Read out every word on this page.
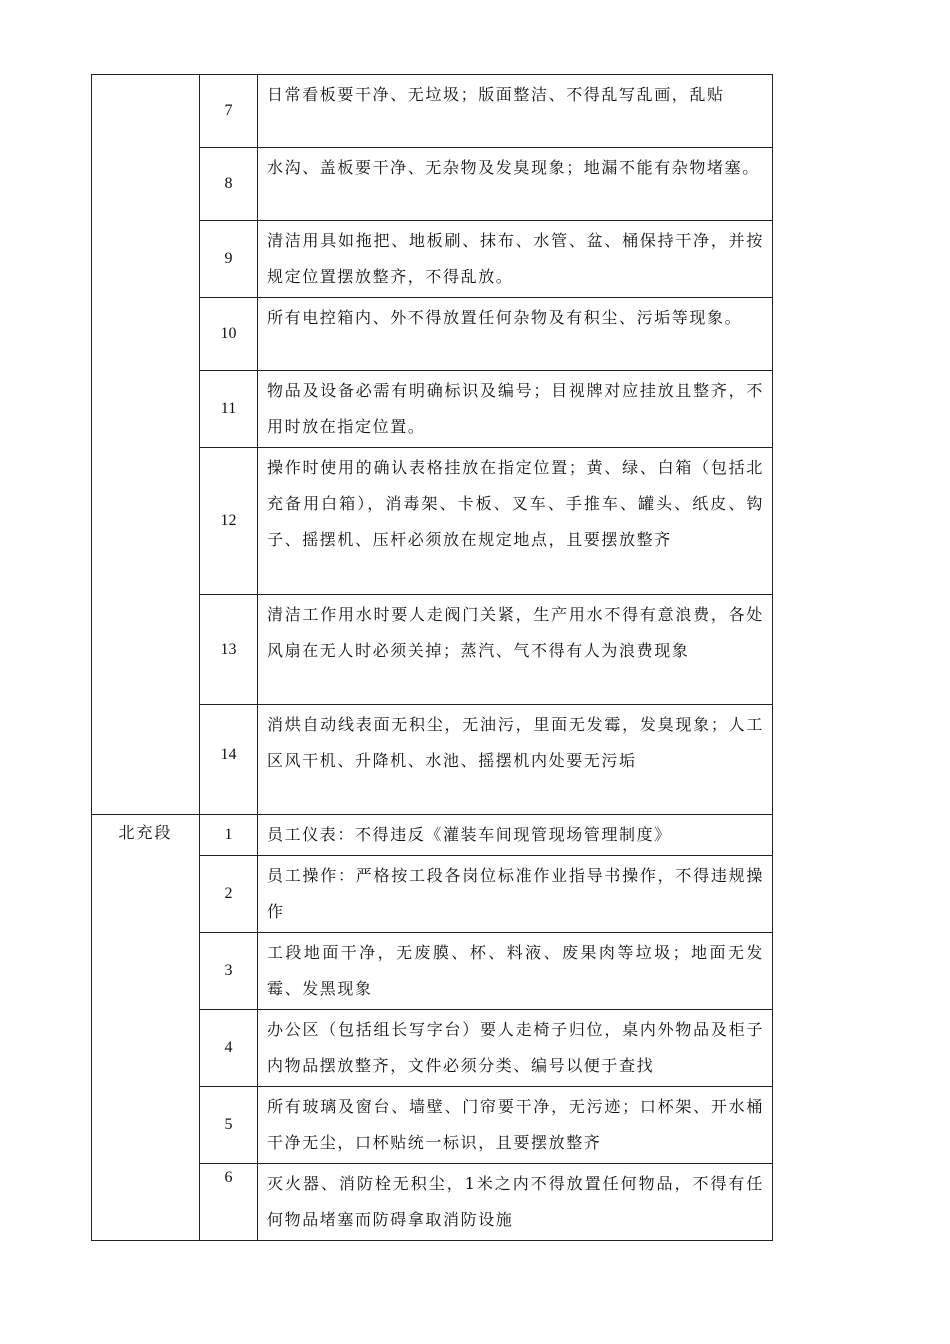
	7	日常看板要干净、无垃圾；版面整洁、不得乱写乱画，乱贴
	8	水沟、盖板要干净、无杂物及发臭现象；地漏不能有杂物堵塞。
	9	清洁用具如拖把、地板刷、抹布、水管、盆、桶保持干净，并按规定位置摆放整齐，不得乱放。
	10	所有电控箱内、外不得放置任何杂物及有积尘、污垢等现象。
	11	物品及设备必需有明确标识及编号；目视牌对应挂放且整齐，不用时放在指定位置。
	12	操作时使用的确认表格挂放在指定位置；黄、绿、白箱（包括北充备用白箱），消毒架、卡板、叉车、手推车、罐头、纸皮、钩子、摇摆机、压杆必须放在规定地点，且要摆放整齐
	13	清洁工作用水时要人走阀门关紧，生产用水不得有意浪费，各处风扇在无人时必须关掉；蒸汽、气不得有人为浪费现象
	14	消烘自动线表面无积尘，无油污，里面无发霉，发臭现象；人工区风干机、升降机、水池、摇摆机内处要无污垢

北充段	1	员工仪表：不得违反《灌装车间现管现场管理制度》
	2	员工操作：严格按工段各岗位标准作业指导书操作，不得违规操作
	3	工段地面干净，无废膜、杯、料液、废果肉等垃圾；地面无发霉、发黑现象
	4	办公区（包括组长写字台）要人走椅子归位，桌内外物品及柜子内物品摆放整齐，文件必须分类、编号以便于查找
	5	所有玻璃及窗台、墙壁、门帘要干净，无污迹；口杯架、开水桶干净无尘，口杯贴统一标识，且要摆放整齐
	6	灭火器、消防栓无积尘，1米之内不得放置任何物品，不得有任何物品堵塞而防碍拿取消防设施
